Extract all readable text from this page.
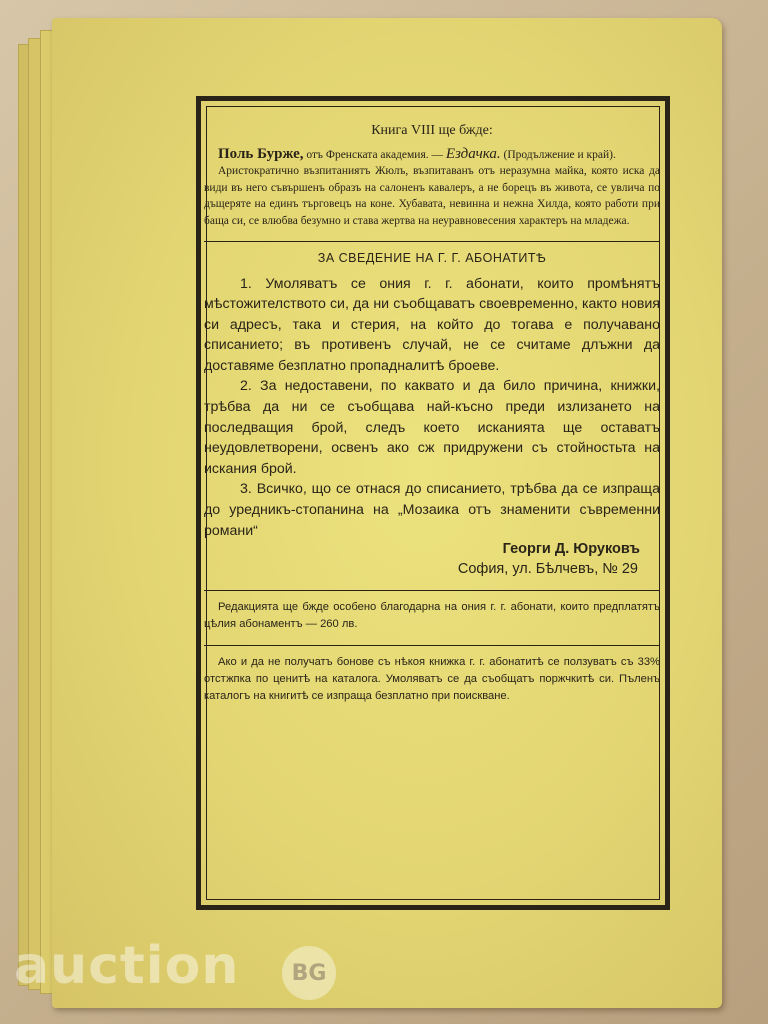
Книга VIII ще бжде:

Поль Бурже, отъ Френската академия. — Ездачка. (Продължение и край).

Аристократично възпитаниятъ Жюлъ, възпитаванъ отъ неразумна майка, която иска да види въ него съвършенъ образъ на салоненъ кавалеръ, а не борецъ въ живота, се увлича по дъщеряте на единъ търговецъ на коне. Хубавата, невинна и нежна Хилда, която работи при баща си, се влюбва безумно и става жертва на неуравновесения характеръ на младежа.

ЗА СВЕДЕНИЕ НА Г. Г. АБОНАТИТѢ

1. Умоляватъ се ония г. г. абонати, които промѣнятъ мѣстожителството си, да ни съобщаватъ своевременно, както новия си адресъ, така и стерия, на който до тогава е получавано списанието; въ противенъ случай, не се считаме длъжни да доставяме безплатно пропадналитѣ броеве.

2. За недоставени, по каквато и да било причина, книжки, трѣбва да ни се съобщава най-късно преди излизането на последващия брой, следъ което исканията ще оставатъ неудовлетворени, освенъ ако сж придружени съ стойностьта на искания брой.

3. Всичко, що се отнася до списанието, трѣбва да се изпраща до уредникъ-стопанина на „Мозаика отъ знаменити съвременни романи“

Георги Д. Юруковъ
София, ул. Бѣлчевъ, № 29

Редакцията ще бжде особено благодарна на ония г. г. абонати, които предплатятъ цѣлия абонаментъ — 260 лв.

Ако и да не получатъ бонове съ нѣкоя книжка г. г. абонатитѣ се ползуватъ съ 33% отстжпка по ценитѣ на каталога. Умоляватъ се да съобщатъ поржчкитѣ си. Пъленъ каталогъ на книгитѣ се изпраща безплатно при поискване.

auction	BG
